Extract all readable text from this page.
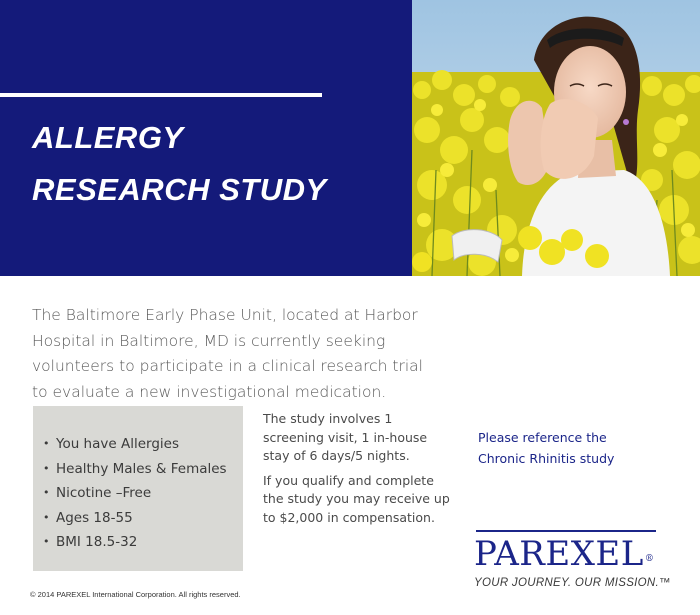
ALLERGY
RESEARCH STUDY

The Baltimore Early Phase Unit, located at Harbor Hospital in Baltimore, MD is currently seeking volunteers to participate in a clinical research trial to evaluate a new investigational medication.

• You have Allergies
• Healthy Males & Females
• Nicotine –Free
• Ages 18-55
• BMI 18.5-32

The study involves 1 screening visit, 1 in-house stay of 6 days/5 nights.

If you qualify and complete the study you may receive up to $2,000 in compensation.

Please reference the
Chronic Rhinitis study
PAREXEL®
YOUR JOURNEY. OUR MISSION.™
© 2014 PAREXEL International Corporation. All rights reserved.
